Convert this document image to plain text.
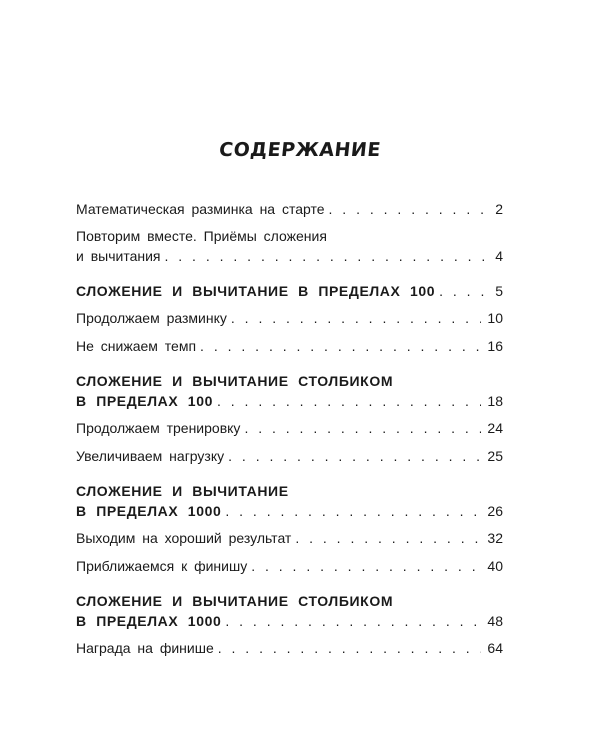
СОДЕРЖАНИЕ
Математическая разминка на старте . . .	2
Повторим вместе. Приёмы сложения
и вычитания . . .	4
СЛОЖЕНИЕ И ВЫЧИТАНИЕ В ПРЕДЕЛАХ 100 . . .	5
Продолжаем разминку . . .	10
Не снижаем темп . . .	16
СЛОЖЕНИЕ И ВЫЧИТАНИЕ СТОЛБИКОМ
В ПРЕДЕЛАХ 100 . . .	18
Продолжаем тренировку . . .	24
Увеличиваем нагрузку . . .	25
СЛОЖЕНИЕ И ВЫЧИТАНИЕ
В ПРЕДЕЛАХ 1000 . . .	26
Выходим на хороший результат . . .	32
Приближаемся к финишу . . .	40
СЛОЖЕНИЕ И ВЫЧИТАНИЕ СТОЛБИКОМ
В ПРЕДЕЛАХ 1000 . . .	48
Награда на финише . . .	64
